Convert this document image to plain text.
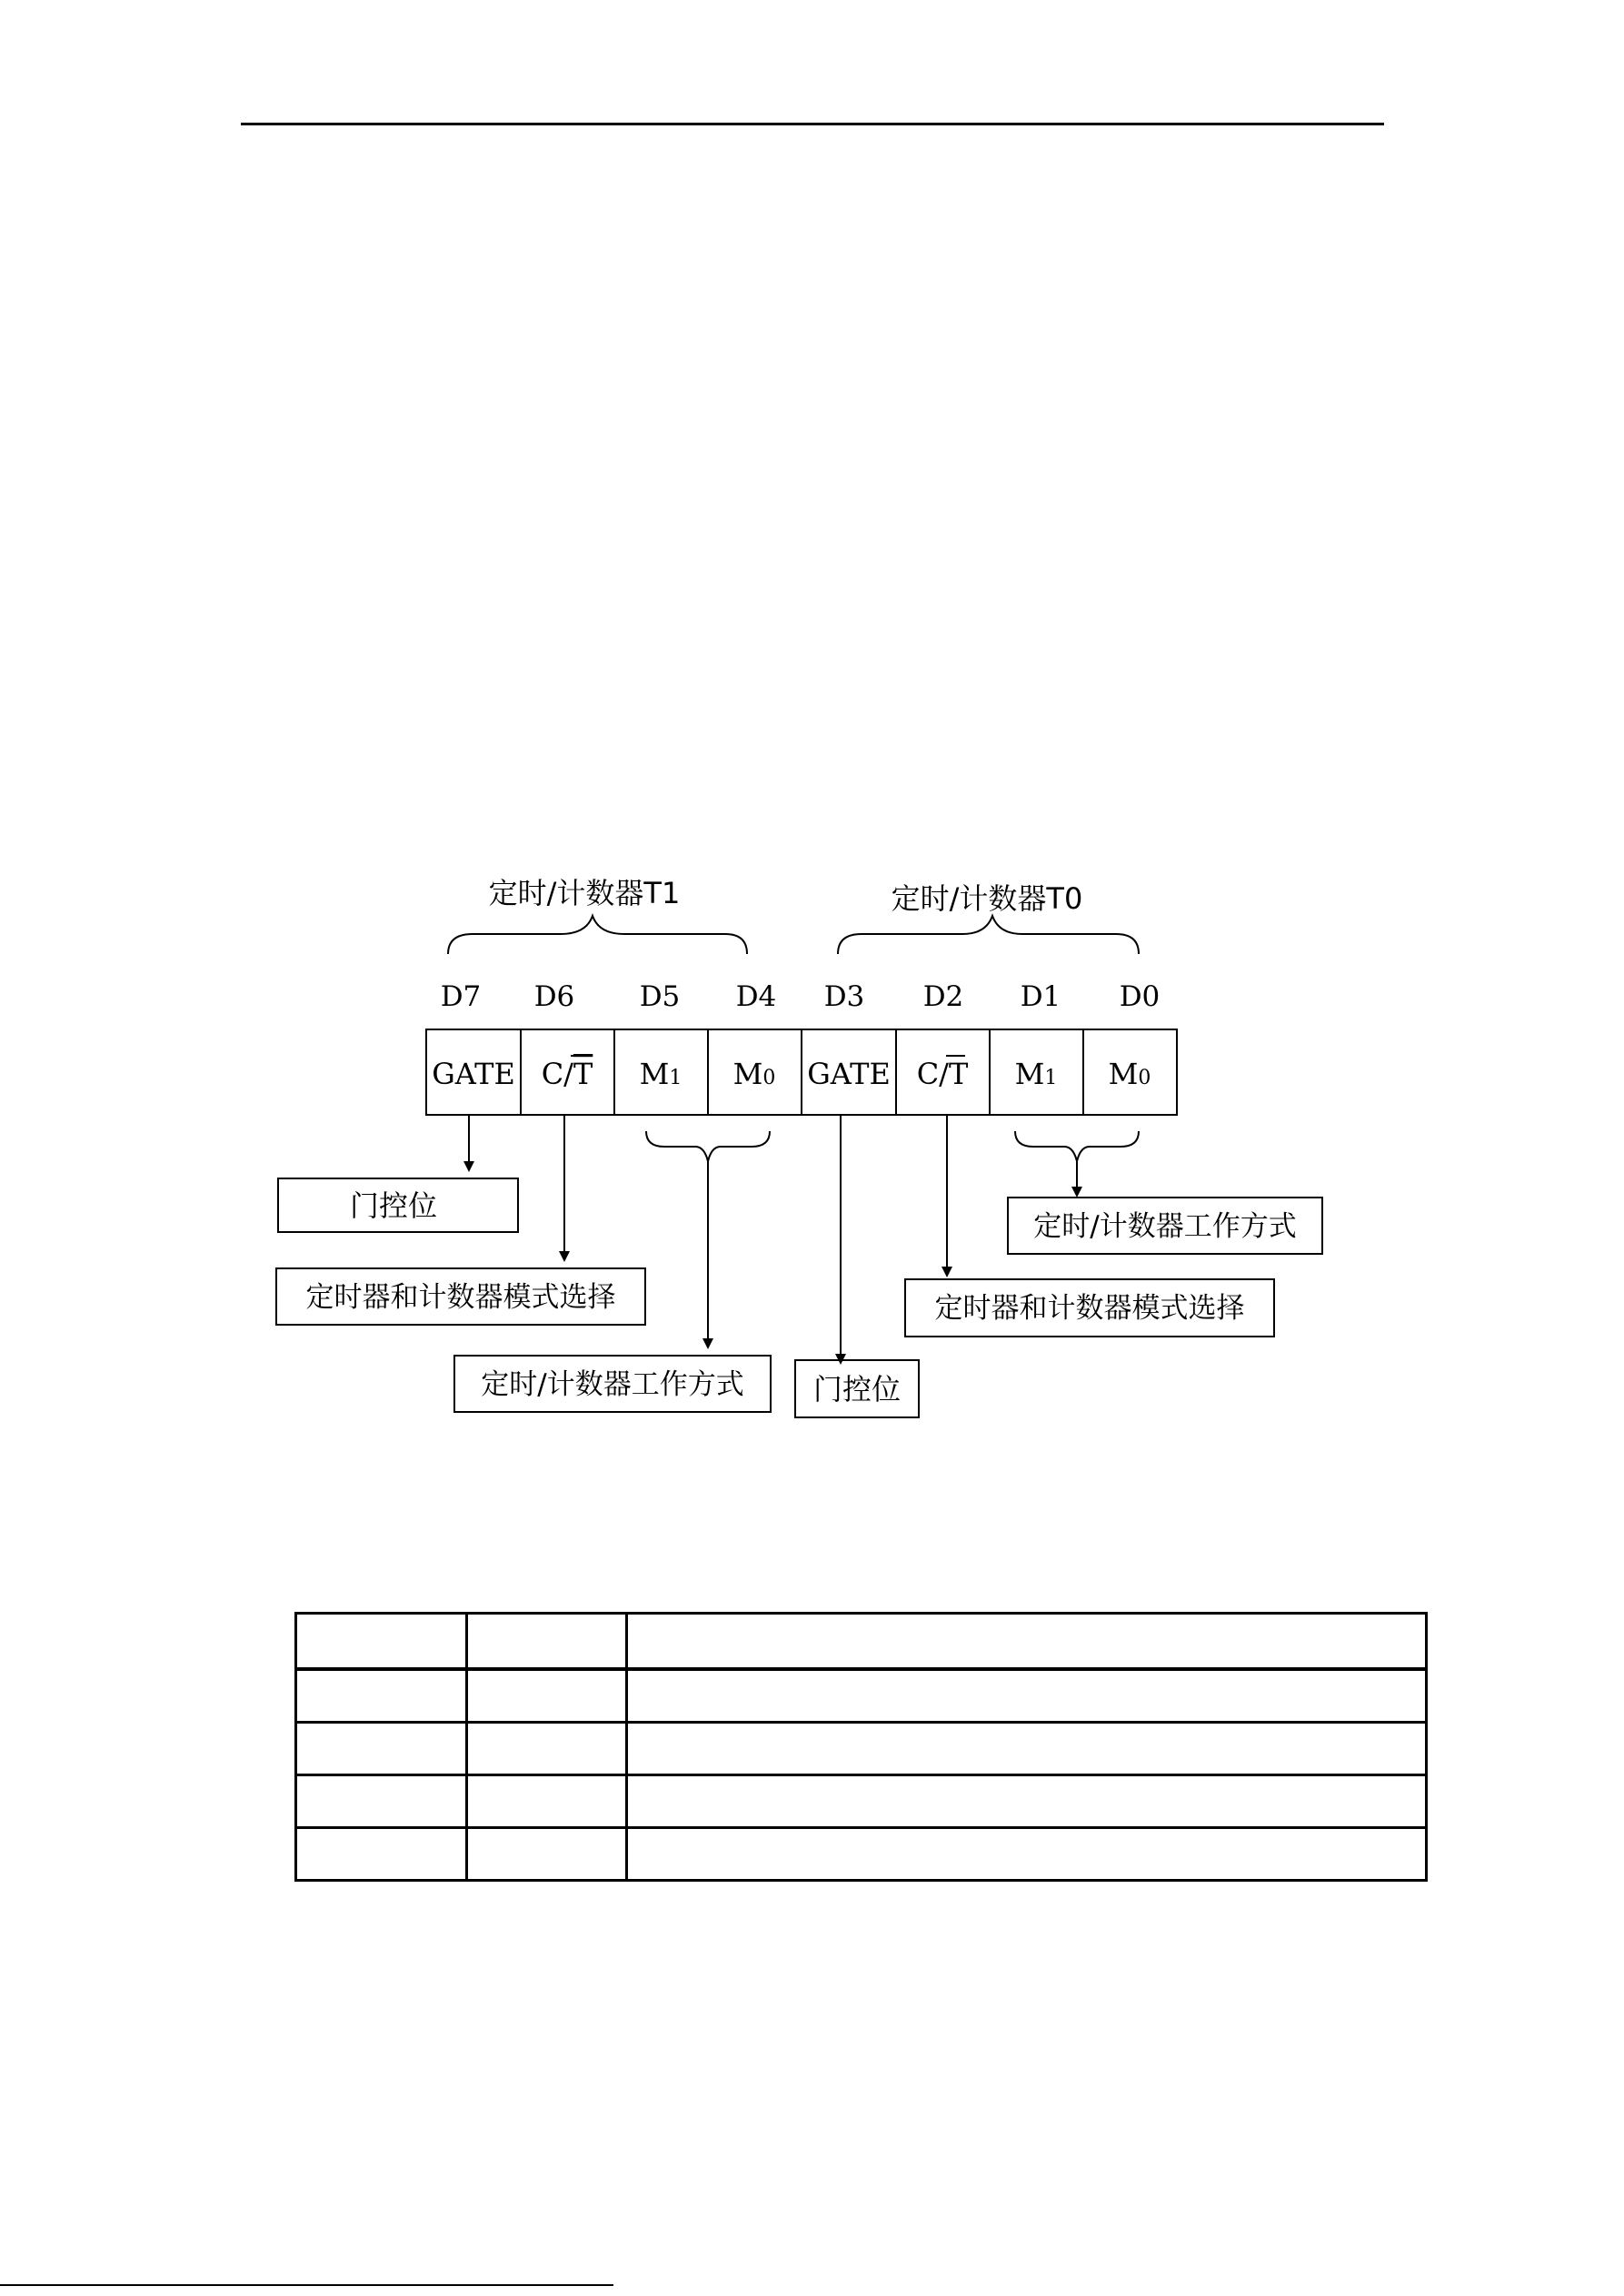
定时/计数器T1	定时/计数器T0
D7 D6 D5 D4 D3 D2 D1 D0
GATE C/T M1 M0 GATE C/T M1 M0
门控位
定时器和计数器模式选择
定时/计数器工作方式 门控位
定时器和计数器模式选择
定时/计数器工作方式
